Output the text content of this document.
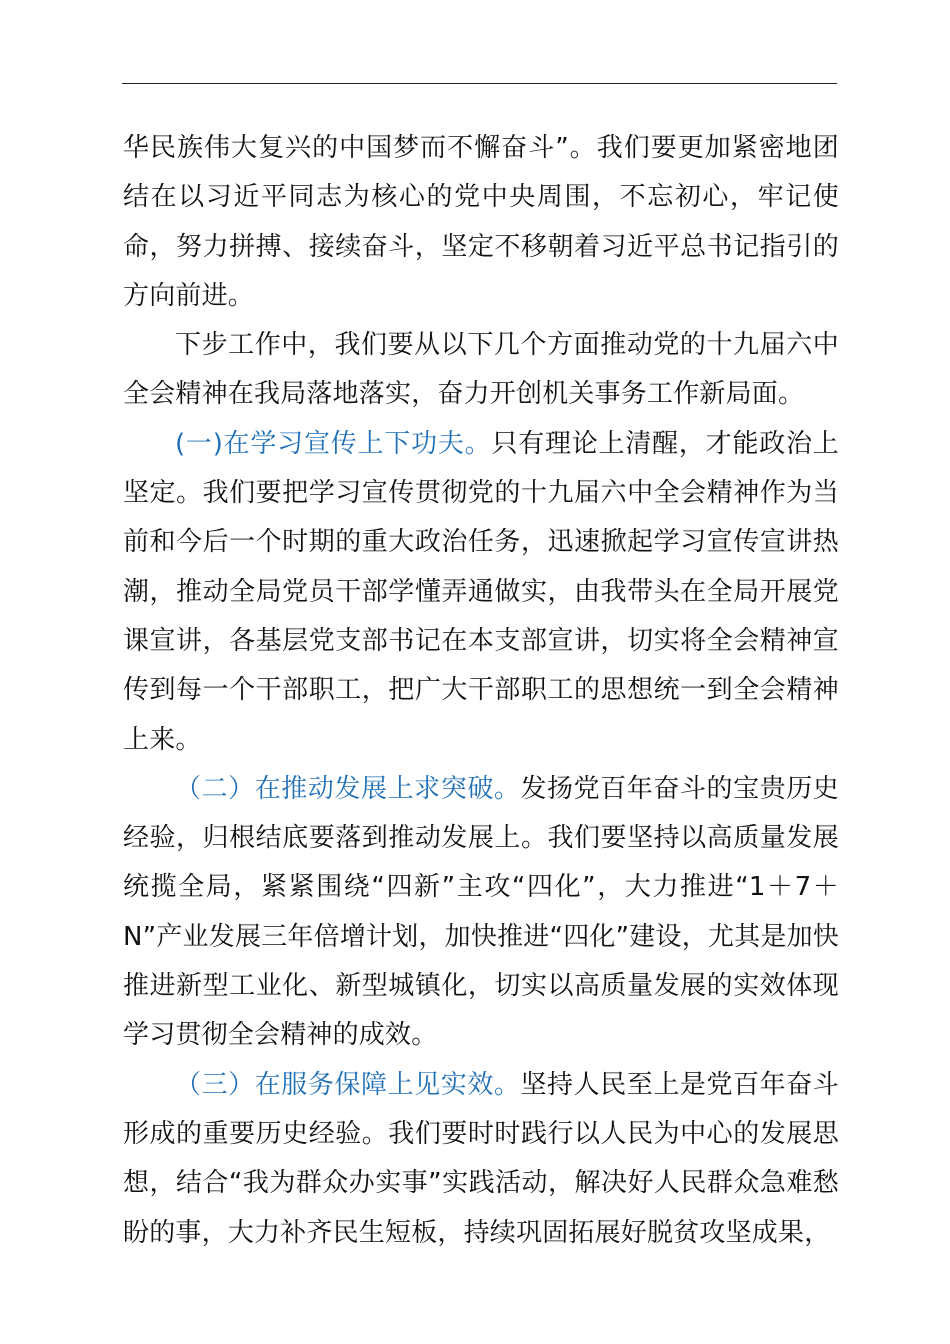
华民族伟大复兴的中国梦而不懈奋斗”。我们要更加紧密地团结在以习近平同志为核心的党中央周围，不忘初心，牢记使命，努力拼搏、接续奋斗，坚定不移朝着习近平总书记指引的方向前进。

下步工作中，我们要从以下几个方面推动党的十九届六中全会精神在我局落地落实，奋力开创机关事务工作新局面。

(一)在学习宣传上下功夫。只有理论上清醒，才能政治上坚定。我们要把学习宣传贯彻党的十九届六中全会精神作为当前和今后一个时期的重大政治任务，迅速掀起学习宣传宣讲热潮，推动全局党员干部学懂弄通做实，由我带头在全局开展党课宣讲，各基层党支部书记在本支部宣讲，切实将全会精神宣传到每一个干部职工，把广大干部职工的思想统一到全会精神上来。

（二）在推动发展上求突破。发扬党百年奋斗的宝贵历史经验，归根结底要落到推动发展上。我们要坚持以高质量发展统揽全局，紧紧围绕“四新”主攻“四化”，大力推进“1＋7＋N”产业发展三年倍增计划，加快推进“四化”建设，尤其是加快推进新型工业化、新型城镇化，切实以高质量发展的实效体现学习贯彻全会精神的成效。

（三）在服务保障上见实效。坚持人民至上是党百年奋斗形成的重要历史经验。我们要时时践行以人民为中心的发展思想，结合“我为群众办实事”实践活动，解决好人民群众急难愁盼的事，大力补齐民生短板，持续巩固拓展好脱贫攻坚成果，
